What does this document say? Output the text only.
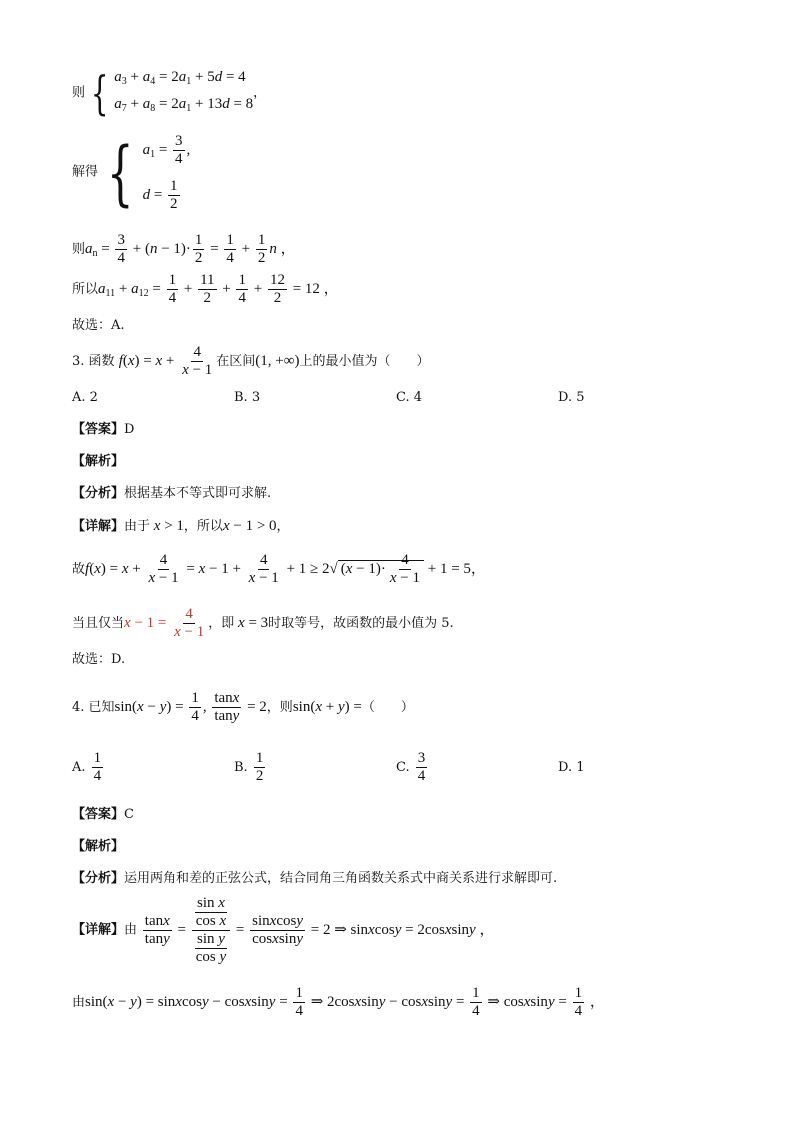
则 { $a_3 + a_4 = 2a_1 + 5d = 4$
$a_7 + a_8 = 2a_1 + 13d = 8$
，
解得 { $a_1 = \frac{3}{4}$ ,
$d = \frac{1}{2}$
则$a_n = \frac{3}{4} + (n - 1)\cdot \frac{1}{2} = \frac{1}{4} + \frac{1}{2}$ n ，
所以$a_{11} + a_{12} = \frac{1}{4} + \frac{11}{2} + \frac{1}{4} + \frac{12}{2} = 12$ ，
故选：A.
3. 函数 $f(x) = x + \frac{4}{x - 1}$ 在区间(1, +∞)上的最小值为（　　）
A. 2	B. 3	C. 4	D. 5
【答案】D
【解析】
【分析】根据基本不等式即可求解.
【详解】由于 x > 1，所以x − 1 > 0，
故$f(x) = x + \frac{4}{x - 1} = x - 1 + \frac{4}{x - 1} + 1 \ge 2√$ $(x - 1)\cdot \frac{4}{x - 1} + 1 = 5$，
当且仅当$x - 1 = \frac{4}{x - 1}$ ，即 x = 3时取等号，故函数的最小值为 5.
故选：D.
4. 已知$\sin(x - y) = \frac{1}{4}$ , $\frac{\tan x}{\tan y} = 2$，则sin(x + y) =（　　）
A. $\frac{1}{4}$	B. $\frac{1}{2}$	C. $\frac{3}{4}$	D. 1
【答案】C
【解析】
【分析】运用两角和差的正弦公式，结合同角三角函数关系式中商关系进行求解即可.
【详解】由 $\frac{\tan x}{\tan y} = \frac{\frac{\text{sin x}}{\text{cos x}}}{\frac{\text{sin y}}{\text{cos y}}} = \frac{\text{sinxcosy}}{\text{cosxsiny}} = 2$ ⇒ sinxcosy = 2cosxsiny ，
由sin(x − y) = sinxcosy − cosxsiny = $\frac{1}{4}$ ⇒ 2cosxsiny − cosxsiny = $\frac{1}{4}$ ⇒ cosxsiny = $\frac{1}{4}$ ，
